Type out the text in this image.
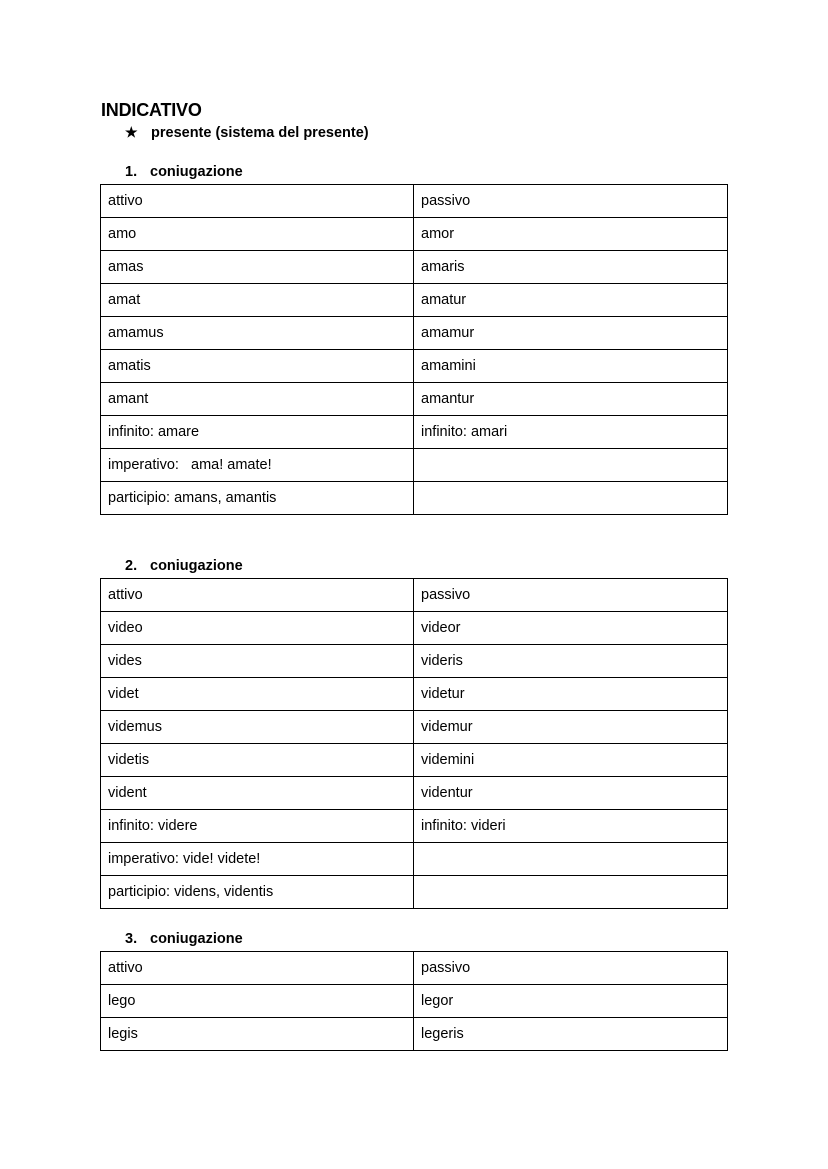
INDICATIVO
★ presente (sistema del presente)
1. coniugazione
attivo	passivo
amo	amor
amas	amaris
amat	amatur
amamus	amamur
amatis	amamini
amant	amantur
infinito: amare	infinito: amari
imperativo:   ama! amate!	
participio: amans, amantis	
2. coniugazione
attivo	passivo
video	videor
vides	videris
videt	videtur
videmus	videmur
videtis	videmini
vident	videntur
infinito: videre	infinito: videri
imperativo: vide! videte!	
participio: videns, videntis	
3. coniugazione
attivo	passivo
lego	legor
legis	legeris
